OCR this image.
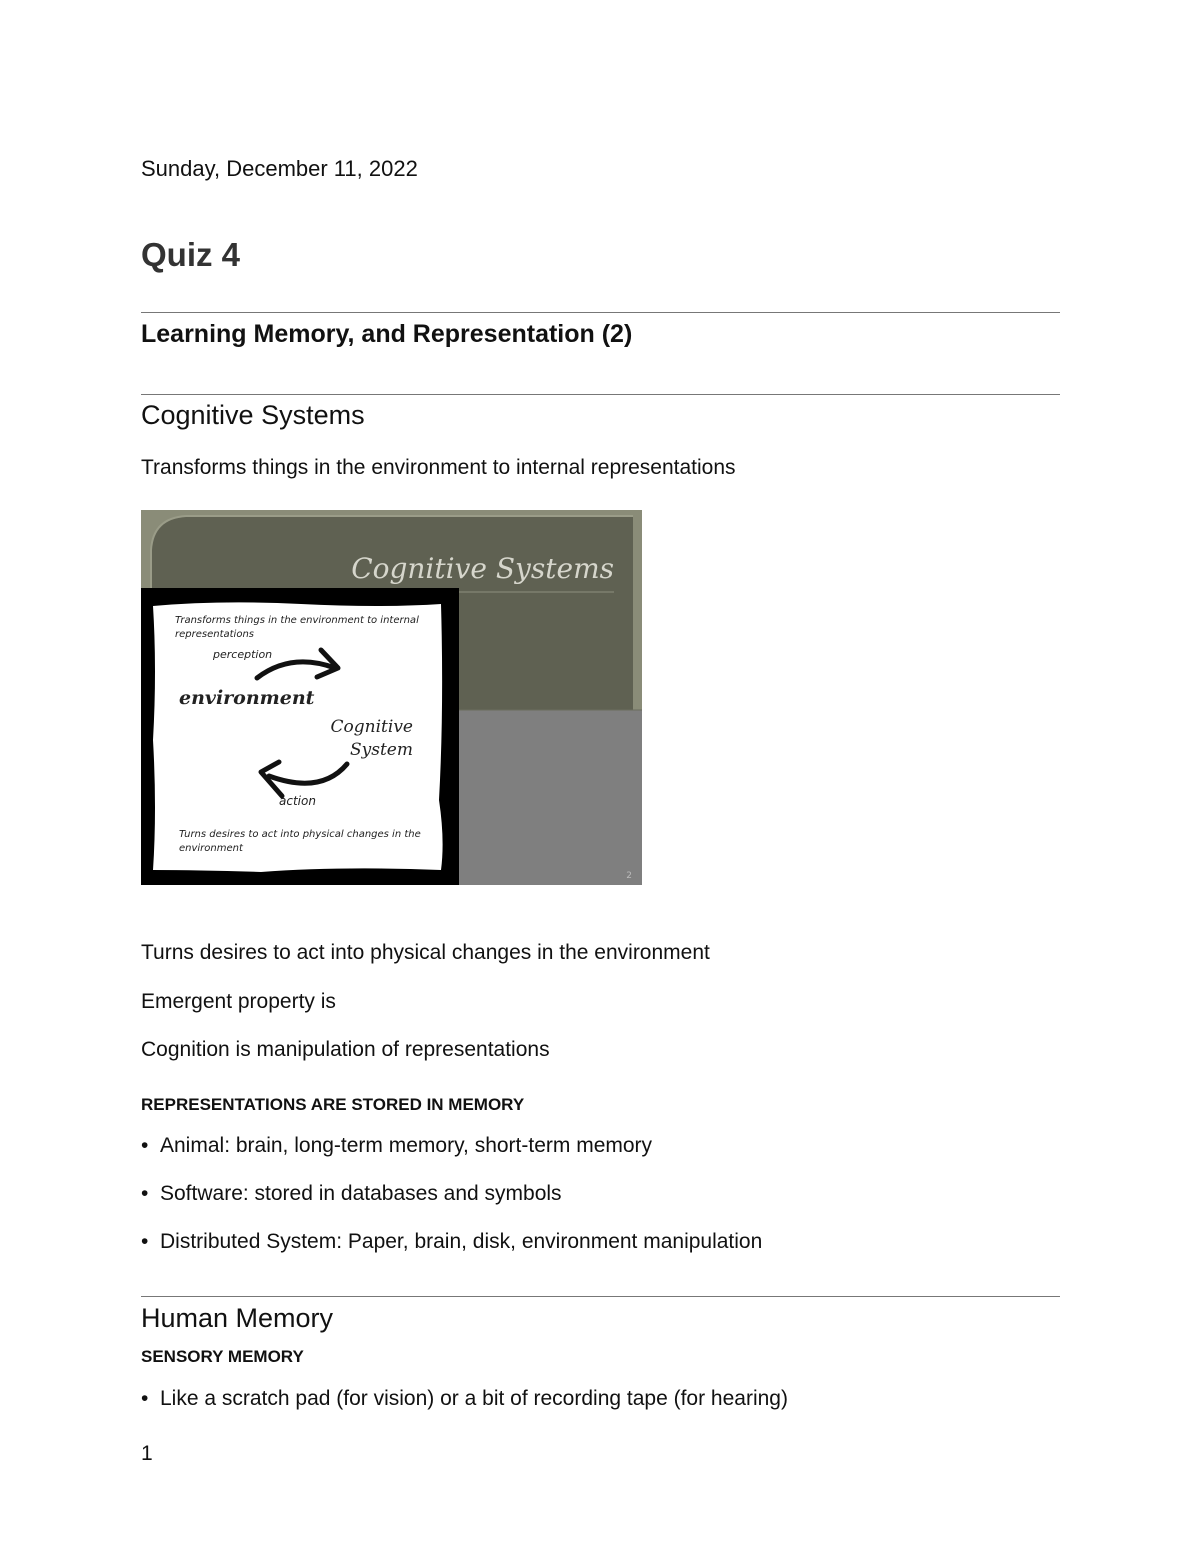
Sunday, December 11, 2022
Quiz 4
Learning Memory, and Representation (2)
Cognitive Systems
Transforms things in the environment to internal representations
Cognitive Systems
Transforms things in the environment to internal
representations
perception
environment
Cognitive
System
action
Turns desires to act into physical changes in the
environment
2
Turns desires to act into physical changes in the environment
Emergent property is
Cognition is manipulation of representations
REPRESENTATIONS ARE STORED IN MEMORY
• Animal: brain, long-term memory, short-term memory
• Software: stored in databases and symbols
• Distributed System: Paper, brain, disk, environment manipulation
Human Memory
SENSORY MEMORY
• Like a scratch pad (for vision) or a bit of recording tape (for hearing)
1
